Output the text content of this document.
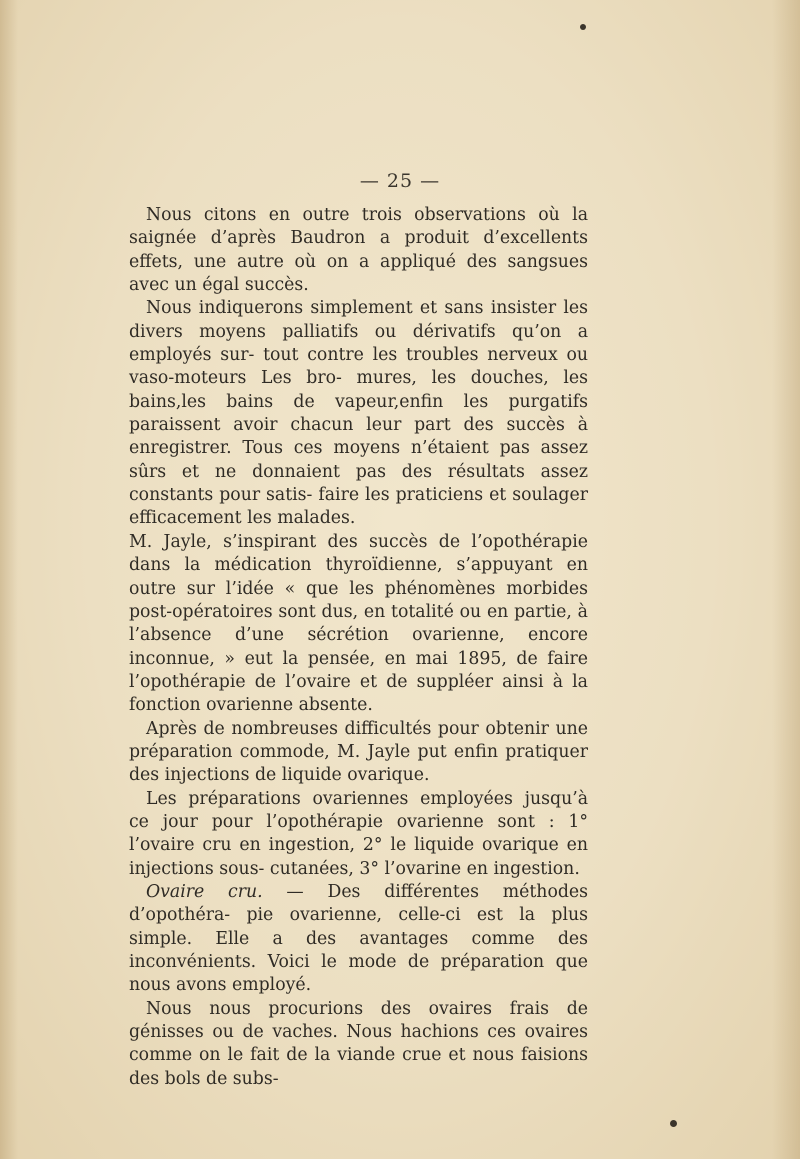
— 25 —

Nous citons en outre trois observations où la saignée d’après Baudron a produit d’excellents effets, une autre où on a appliqué des sangsues avec un égal succès.

Nous indiquerons simplement et sans insister les divers moyens palliatifs ou dérivatifs qu’on a employés sur- tout contre les troubles nerveux ou vaso-moteurs Les bro- mures, les douches, les bains,les bains de vapeur,enfin les purgatifs paraissent avoir chacun leur part des succès à enregistrer. Tous ces moyens n’étaient pas assez sûrs et ne donnaient pas des résultats assez constants pour satis- faire les praticiens et soulager efficacement les malades.

M. Jayle, s’inspirant des succès de l’opothérapie dans la médication thyroïdienne, s’appuyant en outre sur l’idée « que les phénomènes morbides post-opératoires sont dus, en totalité ou en partie, à l’absence d’une sécrétion ovarienne, encore inconnue, » eut la pensée, en mai 1895, de faire l’opothérapie de l’ovaire et de suppléer ainsi à la fonction ovarienne absente.

Après de nombreuses difficultés pour obtenir une préparation commode, M. Jayle put enfin pratiquer des injections de liquide ovarique.

Les préparations ovariennes employées jusqu’à ce jour pour l’opothérapie ovarienne sont : 1° l’ovaire cru en ingestion, 2° le liquide ovarique en injections sous- cutanées, 3° l’ovarine en ingestion.

Ovaire cru. — Des différentes méthodes d’opothéra- pie ovarienne, celle-ci est la plus simple. Elle a des avantages comme des inconvénients. Voici le mode de préparation que nous avons employé.

Nous nous procurions des ovaires frais de génisses ou de vaches. Nous hachions ces ovaires comme on le fait de la viande crue et nous faisions des bols de subs-
